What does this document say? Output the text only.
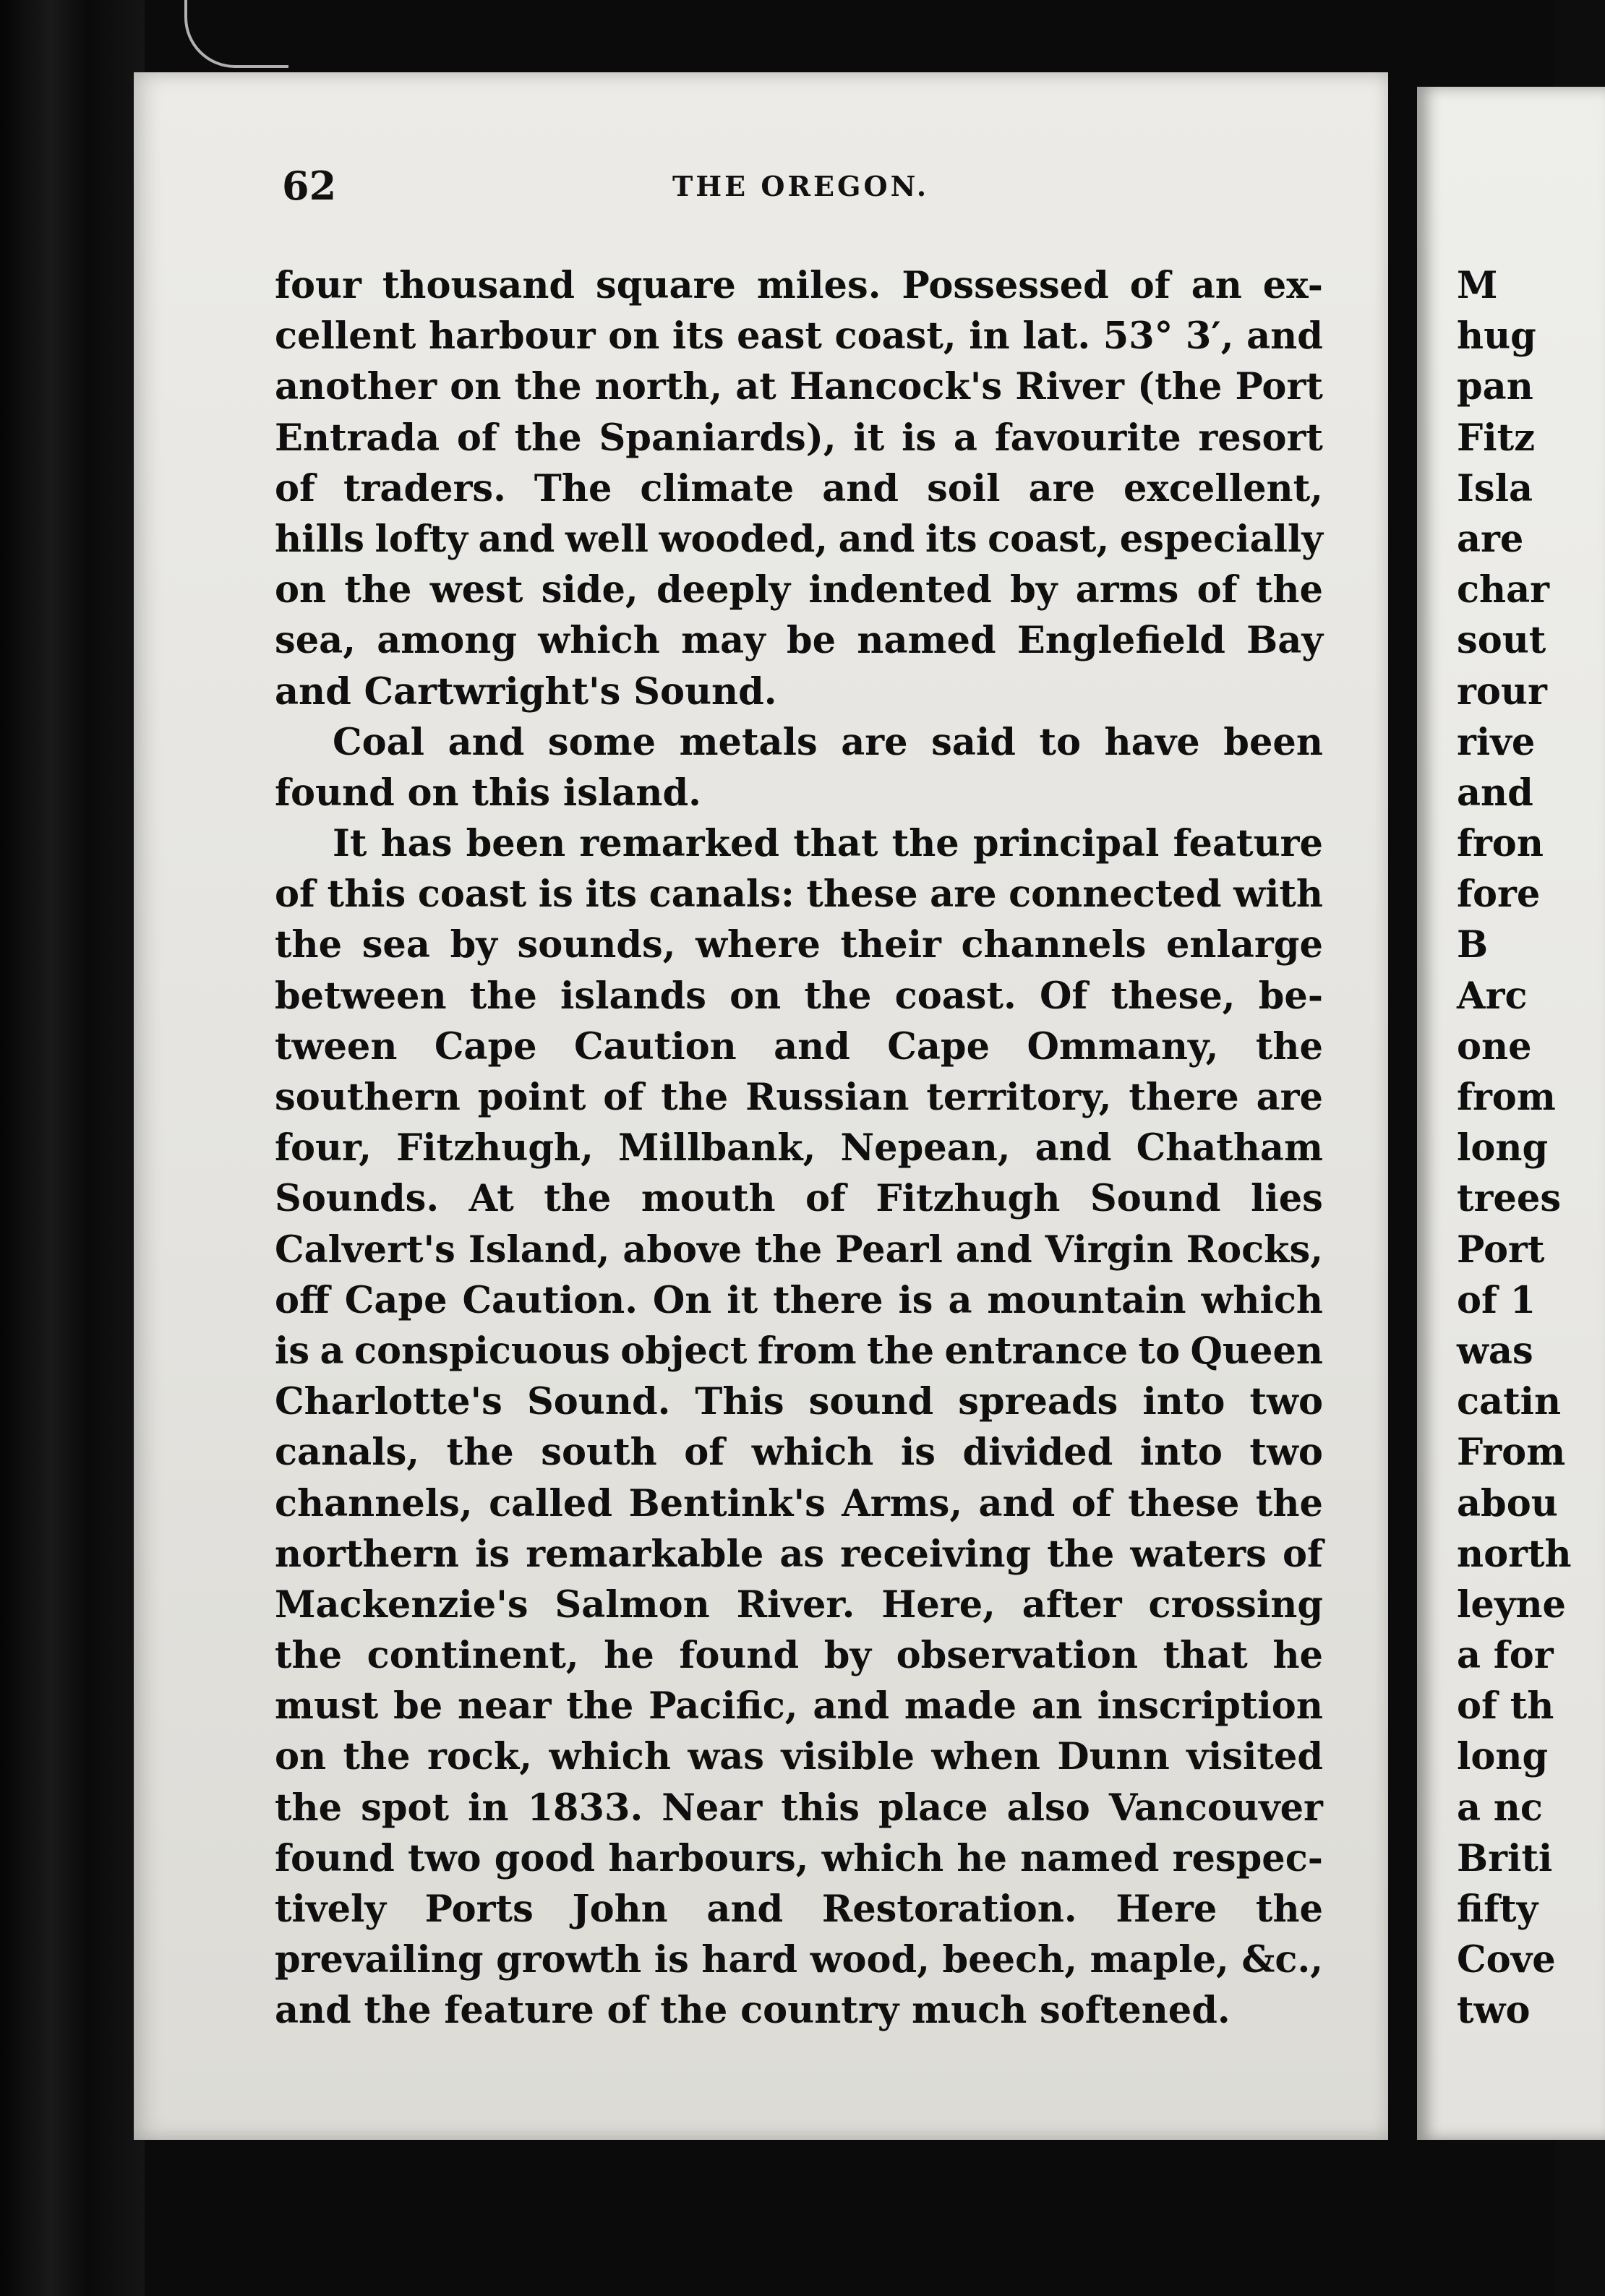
62	THE OREGON.
four thousand square miles. Possessed of an ex-
cellent harbour on its east coast, in lat. 53° 3′, and
another on the north, at Hancock's River (the Port
Entrada of the Spaniards), it is a favourite resort
of traders. The climate and soil are excellent,
hills lofty and well wooded, and its coast, especially
on the west side, deeply indented by arms of the
sea, among which may be named Englefield Bay
and Cartwright's Sound.
Coal and some metals are said to have been
found on this island.
It has been remarked that the principal feature
of this coast is its canals: these are connected with
the sea by sounds, where their channels enlarge
between the islands on the coast. Of these, be-
tween Cape Caution and Cape Ommany, the
southern point of the Russian territory, there are
four, Fitzhugh, Millbank, Nepean, and Chatham
Sounds. At the mouth of Fitzhugh Sound lies
Calvert's Island, above the Pearl and Virgin Rocks,
off Cape Caution. On it there is a mountain which
is a conspicuous object from the entrance to Queen
Charlotte's Sound. This sound spreads into two
canals, the south of which is divided into two
channels, called Bentink's Arms, and of these the
northern is remarkable as receiving the waters of
Mackenzie's Salmon River. Here, after crossing
the continent, he found by observation that he
must be near the Pacific, and made an inscription
on the rock, which was visible when Dunn visited
the spot in 1833. Near this place also Vancouver
found two good harbours, which he named respec-
tively Ports John and Restoration. Here the
prevailing growth is hard wood, beech, maple, &c.,
and the feature of the country much softened.
M
hug
pan
Fitz
Isla
are
char
sout
rour
rive
and
fron
fore
B
Arc
one
from
long
trees
Port
of 1
was
catin
From
abou
north
leyne
a for
of th
long
a nc
Briti
fifty
Cove
two
